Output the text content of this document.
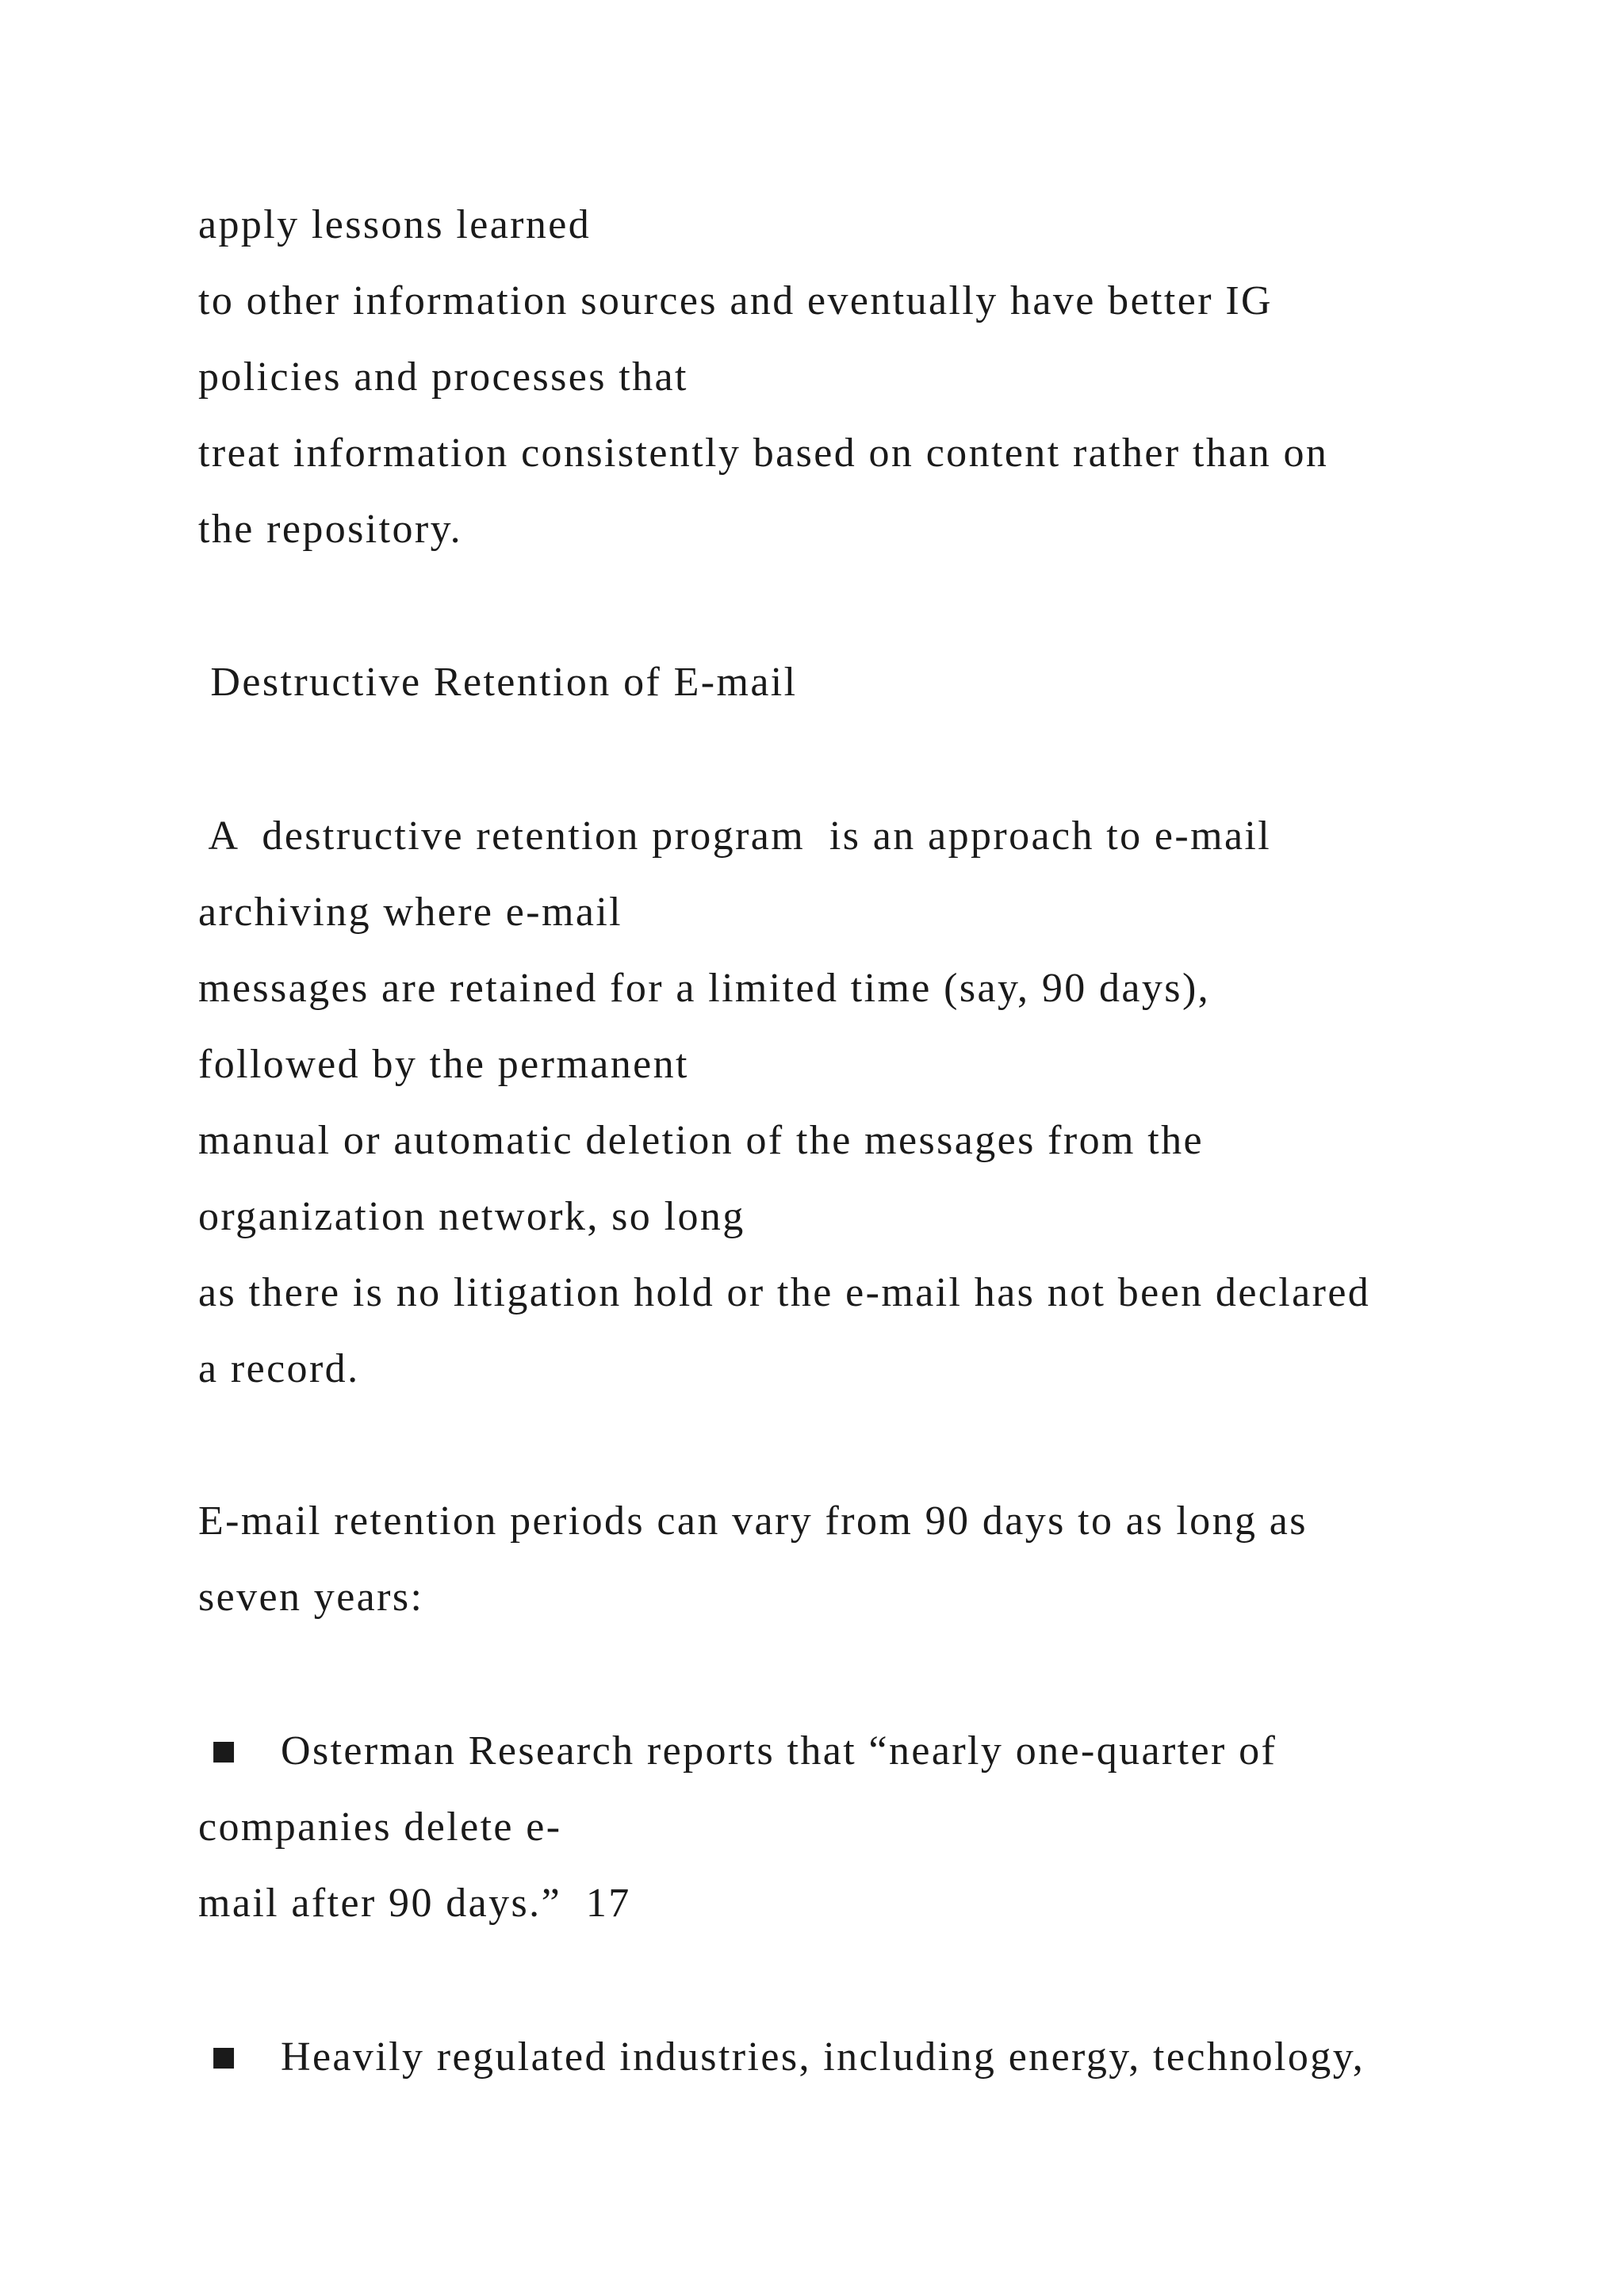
apply lessons learned
to other information sources and eventually have better IG
policies and processes that
treat information consistently based on content rather than on
the repository.
Destructive Retention of E-mail
A  destructive retention program  is an approach to e-mail
archiving where e-mail
messages are retained for a limited time (say, 90 days),
followed by the permanent
manual or automatic deletion of the messages from the
organization network, so long
as there is no litigation hold or the e-mail has not been declared
a record.
E-mail retention periods can vary from 90 days to as long as
seven years:
■ Osterman Research reports that “nearly one-quarter of
companies delete e-
mail after 90 days.”  17
■ Heavily regulated industries, including energy, technology,
